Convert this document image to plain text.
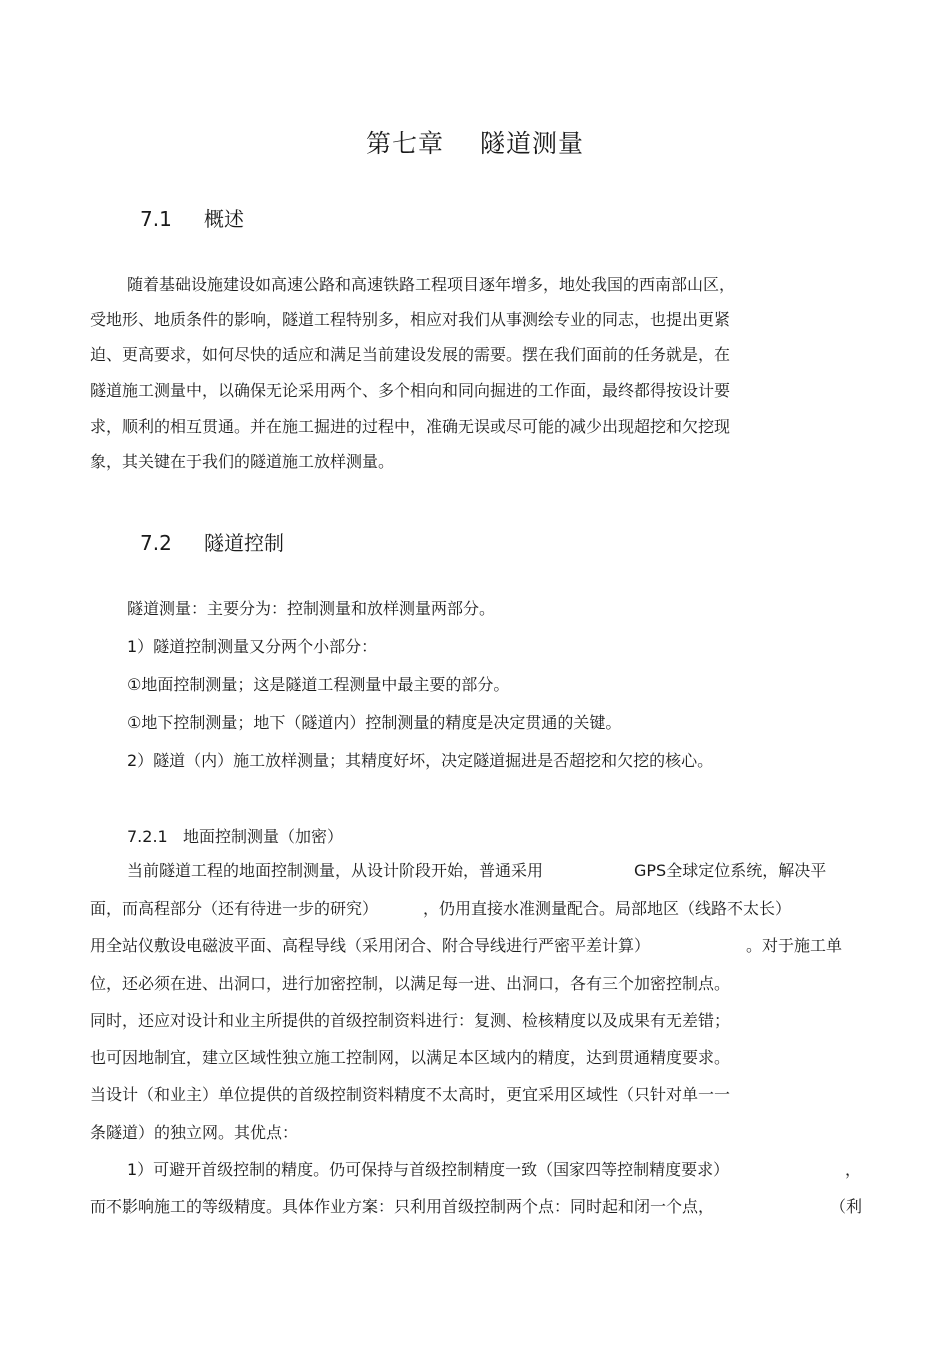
第七章 隧道测量
7.1 概述
随着基础设施建设如高速公路和高速铁路工程项目逐年增多，地处我国的西南部山区，
受地形、地质条件的影响，隧道工程特别多，相应对我们从事测绘专业的同志，也提出更紧
迫、更高要求，如何尽快的适应和满足当前建设发展的需要。摆在我们面前的任务就是，在
隧道施工测量中，以确保无论采用两个、多个相向和同向掘进的工作面，最终都得按设计要
求，顺利的相互贯通。并在施工掘进的过程中，准确无误或尽可能的减少出现超挖和欠挖现
象，其关键在于我们的隧道施工放样测量。
7.2 隧道控制
隧道测量：主要分为：控制测量和放样测量两部分。
1）隧道控制测量又分两个小部分：
①地面控制测量；这是隧道工程测量中最主要的部分。
①地下控制测量；地下（隧道内）控制测量的精度是决定贯通的关键。
2）隧道（内）施工放样测量；其精度好坏，决定隧道掘进是否超挖和欠挖的核心。
7.2.1 地面控制测量（加密）
当前隧道工程的地面控制测量，从设计阶段开始，普通采用	GPS全球定位系统，解决平
面，而高程部分（还有待进一步的研究）	，仍用直接水准测量配合。局部地区（线路不太长）
用全站仪敷设电磁波平面、高程导线（采用闭合、附合导线进行严密平差计算）	。对于施工单
位，还必须在进、出洞口，进行加密控制，以满足每一进、出洞口，各有三个加密控制点。
同时，还应对设计和业主所提供的首级控制资料进行：复测、检核精度以及成果有无差错；
也可因地制宜，建立区域性独立施工控制网，以满足本区域内的精度，达到贯通精度要求。
当设计（和业主）单位提供的首级控制资料精度不太高时，更宜采用区域性（只针对单一一
条隧道）的独立网。其优点：
1）可避开首级控制的精度。仍可保持与首级控制精度一致（国家四等控制精度要求）	，
而不影响施工的等级精度。具体作业方案：只利用首级控制两个点：同时起和闭一个点，	（利
